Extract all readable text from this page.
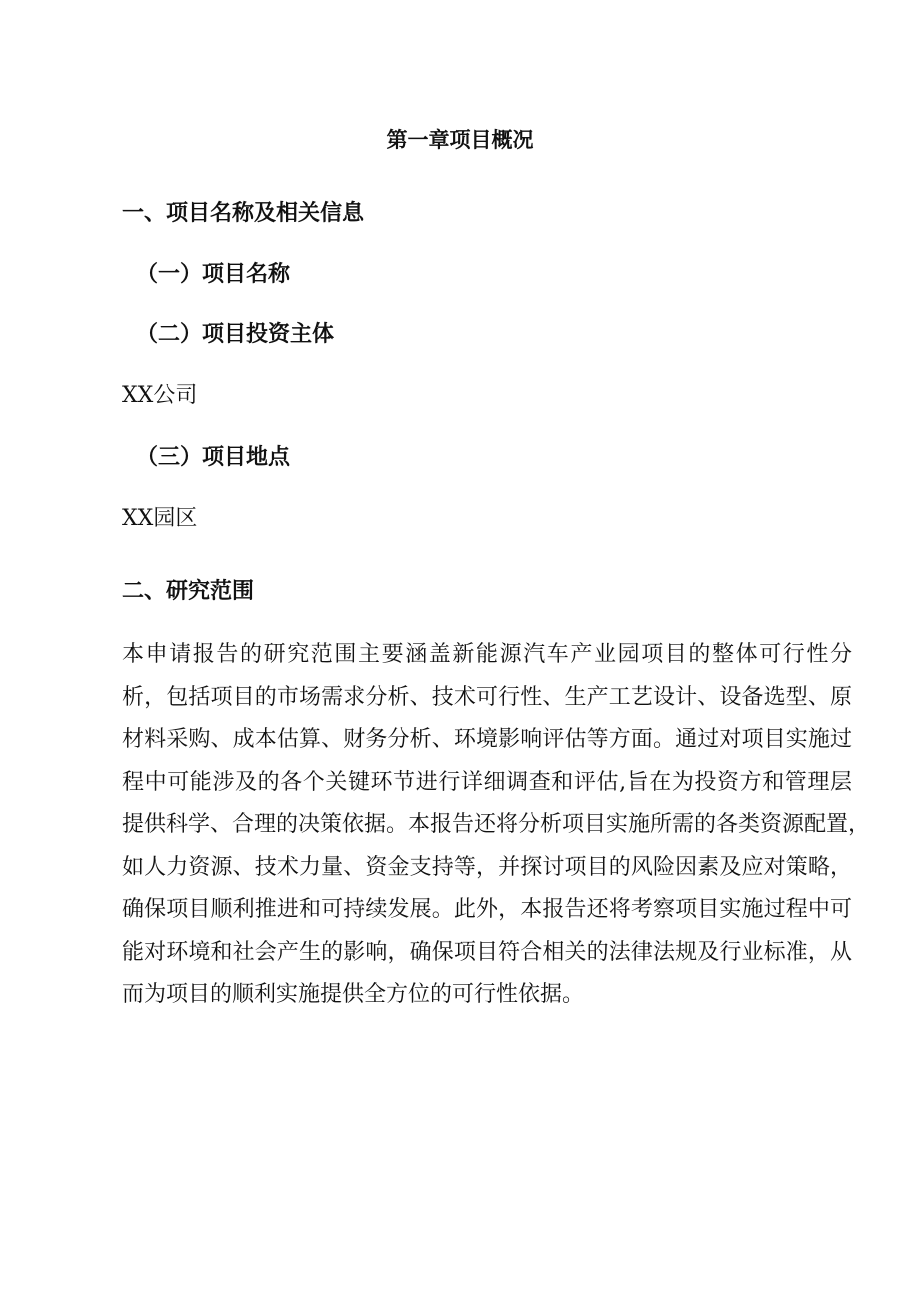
第一章项目概况
一、项目名称及相关信息
（一）项目名称
（二）项目投资主体

XX公司

（三）项目地点

XX园区

二、研究范围
本申请报告的研究范围主要涵盖新能源汽车产业园项目的整体可行性分
析，包括项目的市场需求分析、技术可行性、生产工艺设计、设备选型、原
材料采购、成本估算、财务分析、环境影响评估等方面。通过对项目实施过
程中可能涉及的各个关键环节进行详细调查和评估,旨在为投资方和管理层
提供科学、合理的决策依据。本报告还将分析项目实施所需的各类资源配置，
如人力资源、技术力量、资金支持等，并探讨项目的风险因素及应对策略，
确保项目顺利推进和可持续发展。此外，本报告还将考察项目实施过程中可
能对环境和社会产生的影响，确保项目符合相关的法律法规及行业标准，从
而为项目的顺利实施提供全方位的可行性依据。
